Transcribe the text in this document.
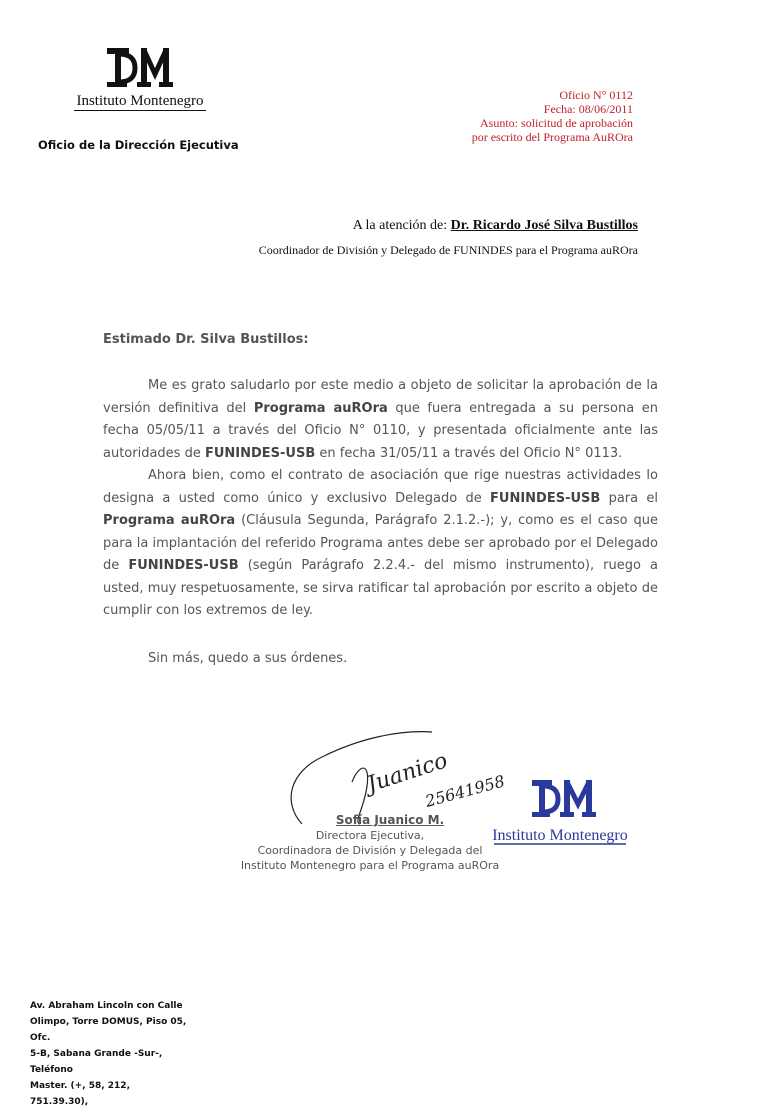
Instituto Montenegro
Oficio de la Dirección Ejecutiva
Oficio N° 0112
Fecha: 08/06/2011
Asunto: solicitud de aprobación
por escrito del Programa AuROra
A la atención de: Dr. Ricardo José Silva Bustillos
Coordinador de División y Delegado de FUNINDES para el Programa auROra
Estimado Dr. Silva Bustillos:

Me es grato saludarlo por este medio a objeto de solicitar la aprobación de la versión definitiva del Programa auROra que fuera entregada a su persona en fecha 05/05/11 a través del Oficio N° 0110, y presentada oficialmente ante las autoridades de FUNINDES-USB en fecha 31/05/11 a través del Oficio N° 0113.

Ahora bien, como el contrato de asociación que rige nuestras actividades lo designa a usted como único y exclusivo Delegado de FUNINDES-USB para el Programa auROra (Cláusula Segunda, Parágrafo 2.1.2.-); y, como es el caso que para la implantación del referido Programa antes debe ser aprobado por el Delegado de FUNINDES-USB (según Parágrafo 2.2.4.- del mismo instrumento), ruego a usted, muy respetuosamente, se sirva ratificar tal aprobación por escrito a objeto de cumplir con los extremos de ley.

Sin más, quedo a sus órdenes.
Juanico
25641958
Instituto Montenegro
Sofía Juanico M.
Directora Ejecutiva,
Coordinadora de División y Delegada del
Instituto Montenegro para el Programa auROra
Av. Abraham Lincoln con Calle
Olimpo, Torre DOMUS, Piso 05, Ofc.
5-B, Sabana Grande -Sur-, Teléfono
Master. (+, 58, 212, 751.39.30),
